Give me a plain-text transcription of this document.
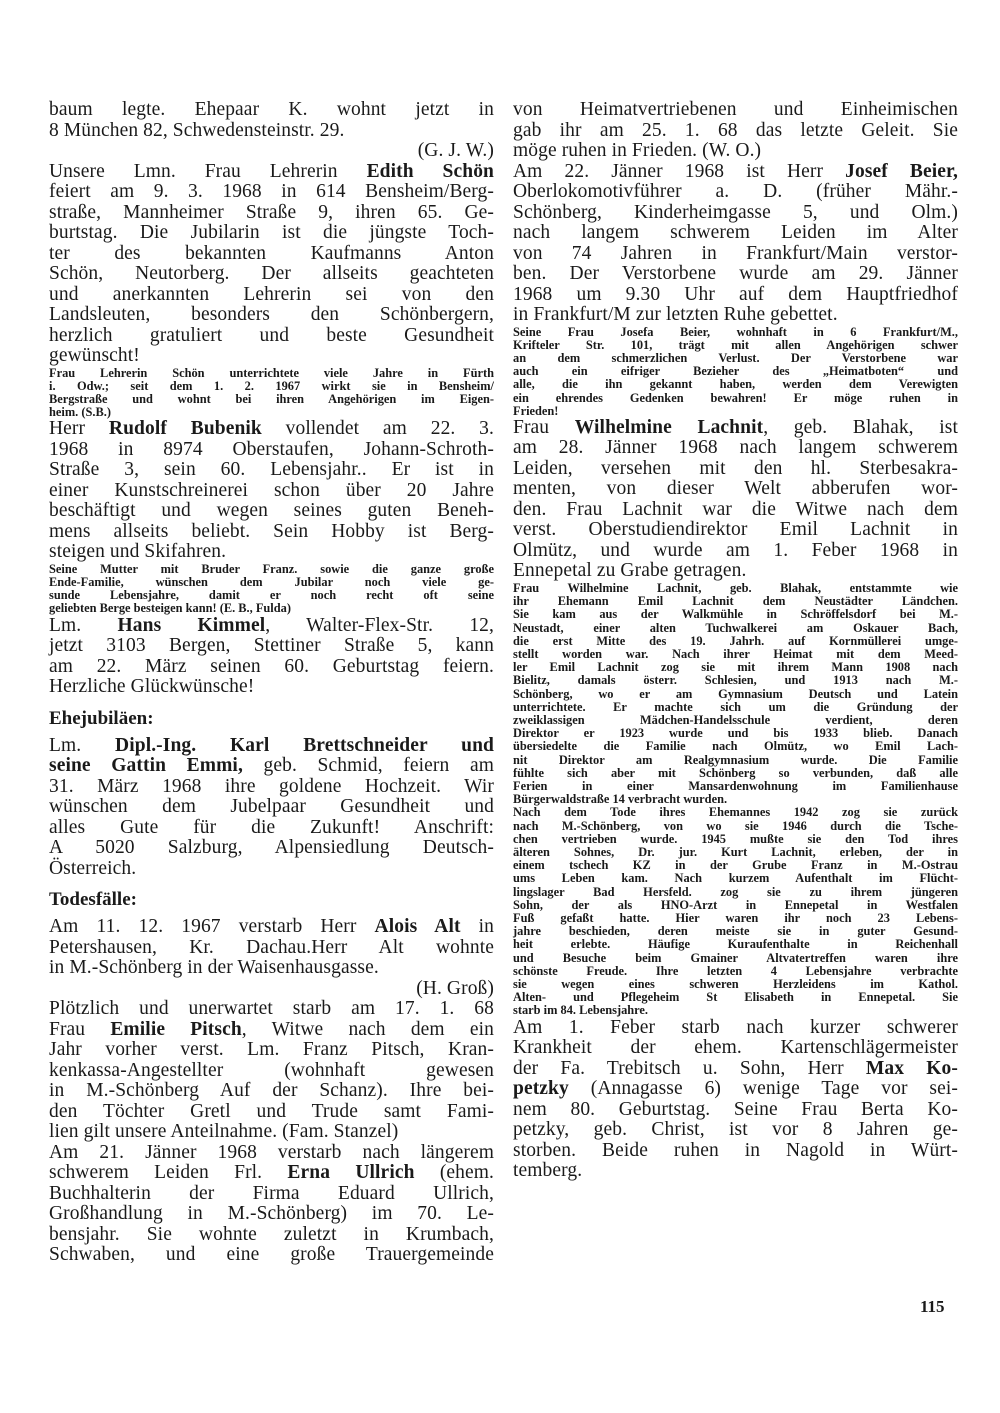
baum legte. Ehepaar K. wohnt jetzt in
8 München 82, Schwedensteinstr. 29.
(G. J. W.)
Unsere Lmn. Frau Lehrerin Edith Schön
feiert am 9. 3. 1968 in 614 Bensheim/Berg-
straße, Mannheimer Straße 9, ihren 65. Ge-
burtstag. Die Jubilarin ist die jüngste Toch-
ter des bekannten Kaufmanns Anton
Schön, Neutorberg. Der allseits geachteten
und anerkannten Lehrerin sei von den
Landsleuten, besonders den Schönbergern,
herzlich gratuliert und beste Gesundheit
gewünscht!
Frau Lehrerin Schön unterrichtete viele Jahre in Fürth
i. Odw.; seit dem 1. 2. 1967 wirkt sie in Bensheim/
Bergstraße und wohnt bei ihren Angehörigen im Eigen-
heim. (S.B.)
Herr Rudolf Bubenik vollendet am 22. 3.
1968 in 8974 Oberstaufen, Johann-Schroth-
Straße 3, sein 60. Lebensjahr.. Er ist in
einer Kunstschreinerei schon über 20 Jahre
beschäftigt und wegen seines guten Beneh-
mens allseits beliebt. Sein Hobby ist Berg-
steigen und Skifahren.
Seine Mutter mit Bruder Franz. sowie die ganze große
Ende-Familie, wünschen dem Jubilar noch viele ge-
sunde Lebensjahre, damit er noch recht oft seine
geliebten Berge besteigen kann! (E. B., Fulda)
Lm. Hans Kimmel, Walter-Flex-Str. 12,
jetzt 3103 Bergen, Stettiner Straße 5, kann
am 22. März seinen 60. Geburtstag feiern.
Herzliche Glückwünsche!
Ehejubiläen:
Lm. Dipl.-Ing. Karl Brettschneider und
seine Gattin Emmi, geb. Schmid, feiern am
31. März 1968 ihre goldene Hochzeit. Wir
wünschen dem Jubelpaar Gesundheit und
alles Gute für die Zukunft! Anschrift:
A 5020 Salzburg, Alpensiedlung Deutsch-
Österreich.
Todesfälle:
Am 11. 12. 1967 verstarb Herr Alois Alt in
Petershausen, Kr. Dachau.Herr Alt wohnte
in M.-Schönberg in der Waisenhausgasse.
(H. Groß)
Plötzlich und unerwartet starb am 17. 1. 68
Frau Emilie Pitsch, Witwe nach dem ein
Jahr vorher verst. Lm. Franz Pitsch, Kran-
kenkassa-Angestellter (wohnhaft gewesen
in M.-Schönberg Auf der Schanz). Ihre bei-
den Töchter Gretl und Trude samt Fami-
lien gilt unsere Anteilnahme. (Fam. Stanzel)
Am 21. Jänner 1968 verstarb nach längerem
schwerem Leiden Frl. Erna Ullrich (ehem.
Buchhalterin der Firma Eduard Ullrich,
Großhandlung in M.-Schönberg) im 70. Le-
bensjahr. Sie wohnte zuletzt in Krumbach,
Schwaben, und eine große Trauergemeinde
von Heimatvertriebenen und Einheimischen
gab ihr am 25. 1. 68 das letzte Geleit. Sie
möge ruhen in Frieden. (W. O.)
Am 22. Jänner 1968 ist Herr Josef Beier,
Oberlokomotivführer a. D. (früher Mähr.-
Schönberg, Kinderheimgasse 5, und Olm.)
nach langem schwerem Leiden im Alter
von 74 Jahren in Frankfurt/Main verstor-
ben. Der Verstorbene wurde am 29. Jänner
1968 um 9.30 Uhr auf dem Hauptfriedhof
in Frankfurt/M zur letzten Ruhe gebettet.
Seine Frau Josefa Beier, wohnhaft in 6 Frankfurt/M.,
Krifteler Str. 101, trägt mit allen Angehörigen schwer
an dem schmerzlichen Verlust. Der Verstorbene war
auch ein eifriger Bezieher des „Heimatboten“ und
alle, die ihn gekannt haben, werden dem Verewigten
ein ehrendes Gedenken bewahren! Er möge ruhen in
Frieden!
Frau Wilhelmine Lachnit, geb. Blahak, ist
am 28. Jänner 1968 nach langem schwerem
Leiden, versehen mit den hl. Sterbesakra-
menten, von dieser Welt abberufen wor-
den. Frau Lachnit war die Witwe nach dem
verst. Oberstudiendirektor Emil Lachnit in
Olmütz, und wurde am 1. Feber 1968 in
Ennepetal zu Grabe getragen.
Frau Wilhelmine Lachnit, geb. Blahak, entstammte wie
ihr Ehemann Emil Lachnit dem Neustädter Ländchen.
Sie kam aus der Walkmühle in Schröffelsdorf bei M.-
Neustadt, einer alten Tuchwalkerei am Oskauer Bach,
die erst Mitte des 19. Jahrh. auf Kornmüllerei umge-
stellt worden war. Nach ihrer Heimat mit dem Meed-
ler Emil Lachnit zog sie mit ihrem Mann 1908 nach
Bielitz, damals österr. Schlesien, und 1913 nach M.-
Schönberg, wo er am Gymnasium Deutsch und Latein
unterrichtete. Er machte sich um die Gründung der
zweiklassigen Mädchen-Handelsschule verdient, deren
Direktor er 1923 wurde und bis 1933 blieb. Danach
übersiedelte die Familie nach Olmütz, wo Emil Lach-
nit Direktor am Realgymnasium wurde. Die Familie
fühlte sich aber mit Schönberg so verbunden, daß alle
Ferien in einer Mansardenwohnung im Familienhause
Bürgerwaldstraße 14 verbracht wurden.
Nach dem Tode ihres Ehemannes 1942 zog sie zurück
nach M.-Schönberg, von wo sie 1946 durch die Tsche-
chen vertrieben wurde. 1945 mußte sie den Tod ihres
älteren Sohnes, Dr. jur. Kurt Lachnit, erleben, der in
einem tschech KZ in der Grube Franz in M.-Ostrau
ums Leben kam. Nach kurzem Aufenthalt im Flücht-
lingslager Bad Hersfeld. zog sie zu ihrem jüngeren
Sohn, der als HNO-Arzt in Ennepetal in Westfalen
Fuß gefaßt hatte. Hier waren ihr noch 23 Lebens-
jahre beschieden, deren meiste sie in guter Gesund-
heit erlebte. Häufige Kuraufenthalte in Reichenhall
und Besuche beim Gmainer Altvatertreffen waren ihre
schönste Freude. Ihre letzten 4 Lebensjahre verbrachte
sie wegen eines schweren Herzleidens im Kathol.
Alten- und Pflegeheim St Elisabeth in Ennepetal. Sie
starb im 84. Lebensjahre.
Am 1. Feber starb nach kurzer schwerer
Krankheit der ehem. Kartenschlägermeister
der Fa. Trebitsch u. Sohn, Herr Max Ko-
petzky (Annagasse 6) wenige Tage vor sei-
nem 80. Geburtstag. Seine Frau Berta Ko-
petzky, geb. Christ, ist vor 8 Jahren ge-
storben. Beide ruhen in Nagold in Würt-
temberg.
115
